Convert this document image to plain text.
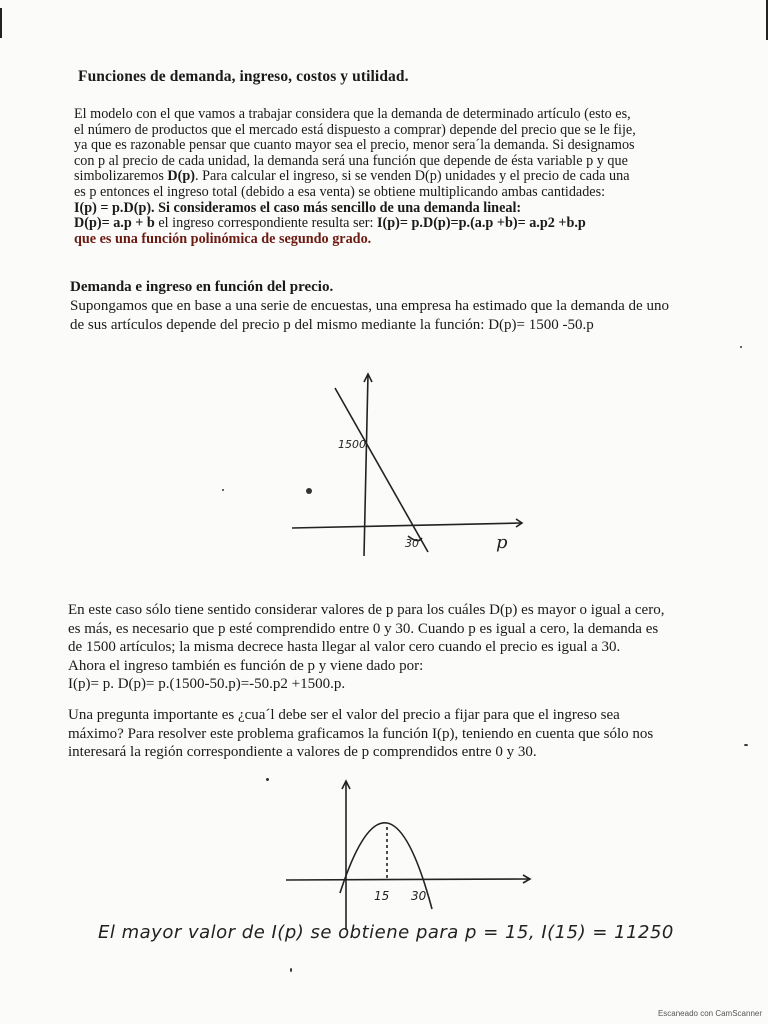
Funciones de demanda, ingreso, costos y utilidad.
El modelo con el que vamos a trabajar considera que la demanda de determinado artículo (esto es,
el número de productos que el mercado está dispuesto a comprar) depende del precio que se le fije,
ya que es razonable pensar que cuanto mayor sea el precio, menor sera´la demanda. Si designamos
con p al precio de cada unidad, la demanda será una función que depende de ésta variable p y que
simbolizaremos D(p). Para calcular el ingreso, si se venden D(p) unidades y el precio de cada una
es p entonces el ingreso total (debido a esa venta) se obtiene multiplicando ambas cantidades:
I(p) = p.D(p). Si consideramos el caso más sencillo de una demanda lineal:
D(p)= a.p + b el ingreso correspondiente resulta ser: I(p)= p.D(p)=p.(a.p +b)= a.p2 +b.p
que es una función polinómica de segundo grado.
Demanda e ingreso en función del precio.
Supongamos que en base a una serie de encuestas, una empresa ha estimado que la demanda de uno
de sus artículos depende del precio p del mismo mediante la función: D(p)= 1500 -50.p
1500
30	p
En este caso sólo tiene sentido considerar valores de p para los cuáles D(p) es mayor o igual a cero,
es más, es necesario que p esté comprendido entre 0 y 30. Cuando p es igual a cero, la demanda es
de 1500 artículos; la misma decrece hasta llegar al valor cero cuando el precio es igual a 30.
Ahora el ingreso también es función de p y viene dado por:
I(p)= p. D(p)= p.(1500-50.p)=-50.p2 +1500.p.
Una pregunta importante es ¿cua´l debe ser el valor del precio a fijar para que el ingreso sea
máximo? Para resolver este problema graficamos la función I(p), teniendo en cuenta que sólo nos
interesará la región correspondiente a valores de p comprendidos entre 0 y 30.
15 30
El mayor valor de I(p) se obtiene para p = 15, I(15) = 11250
Escaneado con CamScanner
